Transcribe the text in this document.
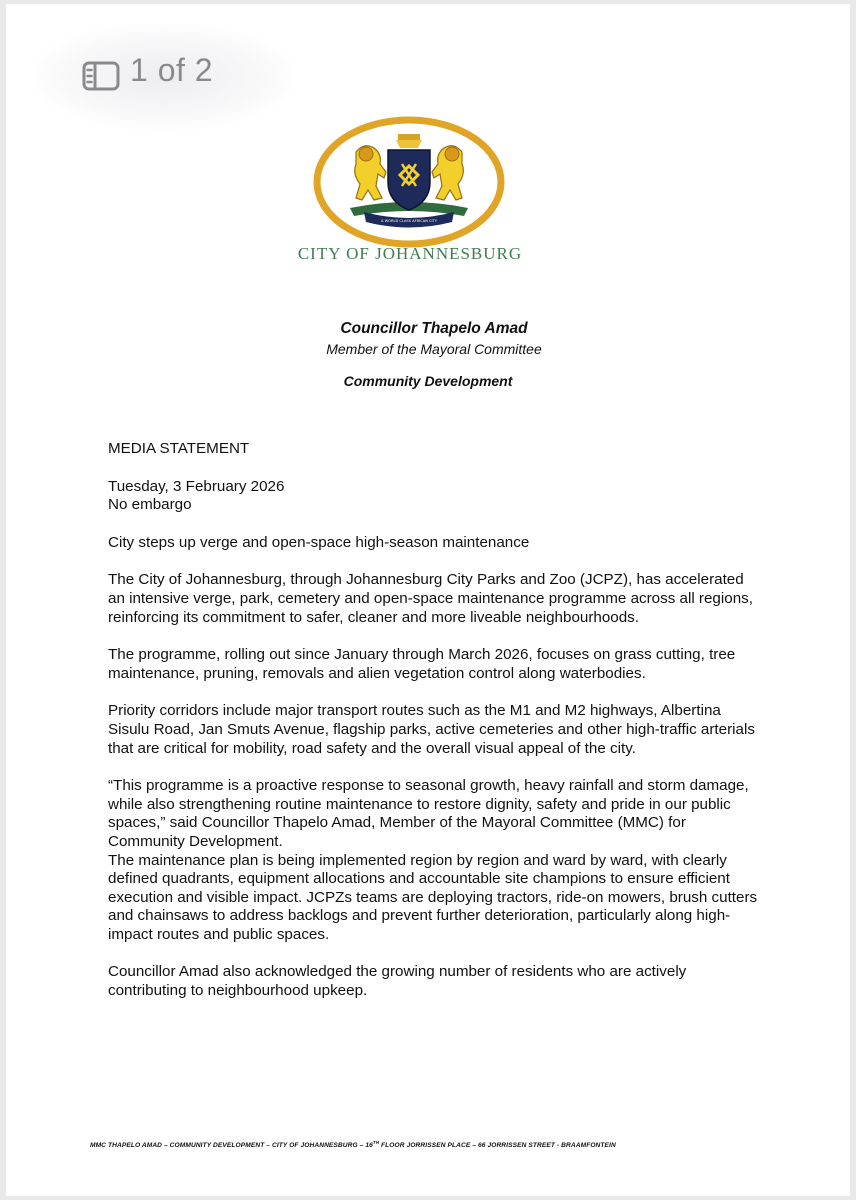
1 of 2
A WORLD CLASS AFRICAN CITY
CITY OF JOHANNESBURG
Councillor Thapelo Amad
Member of the Mayoral Committee
Community Development

MEDIA STATEMENT

Tuesday, 3 February 2026

No embargo

City steps up verge and open-space high-season maintenance

The City of Johannesburg, through Johannesburg City Parks and Zoo (JCPZ), has accelerated an intensive verge, park, cemetery and open-space maintenance programme across all regions, reinforcing its commitment to safer, cleaner and more liveable neighbourhoods.

The programme, rolling out since January through March 2026, focuses on grass cutting, tree maintenance, pruning, removals and alien vegetation control along waterbodies.

Priority corridors include major transport routes such as the M1 and M2 highways, Albertina Sisulu Road, Jan Smuts Avenue, flagship parks, active cemeteries and other high-traffic arterials that are critical for mobility, road safety and the overall visual appeal of the city.

“This programme is a proactive response to seasonal growth, heavy rainfall and storm damage, while also strengthening routine maintenance to restore dignity, safety and pride in our public spaces,” said Councillor Thapelo Amad, Member of the Mayoral Committee (MMC) for Community Development.

The maintenance plan is being implemented region by region and ward by ward, with clearly defined quadrants, equipment allocations and accountable site champions to ensure efficient execution and visible impact. JCPZs teams are deploying tractors, ride-on mowers, brush cutters and chainsaws to address backlogs and prevent further deterioration, particularly along high-impact routes and public spaces.

Councillor Amad also acknowledged the growing number of residents who are actively contributing to neighbourhood upkeep.

MMC THAPELO AMAD – COMMUNITY DEVELOPMENT – CITY OF JOHANNESBURG – 16TH FLOOR JORRISSEN PLACE – 66 JORRISSEN STREET - BRAAMFONTEIN
